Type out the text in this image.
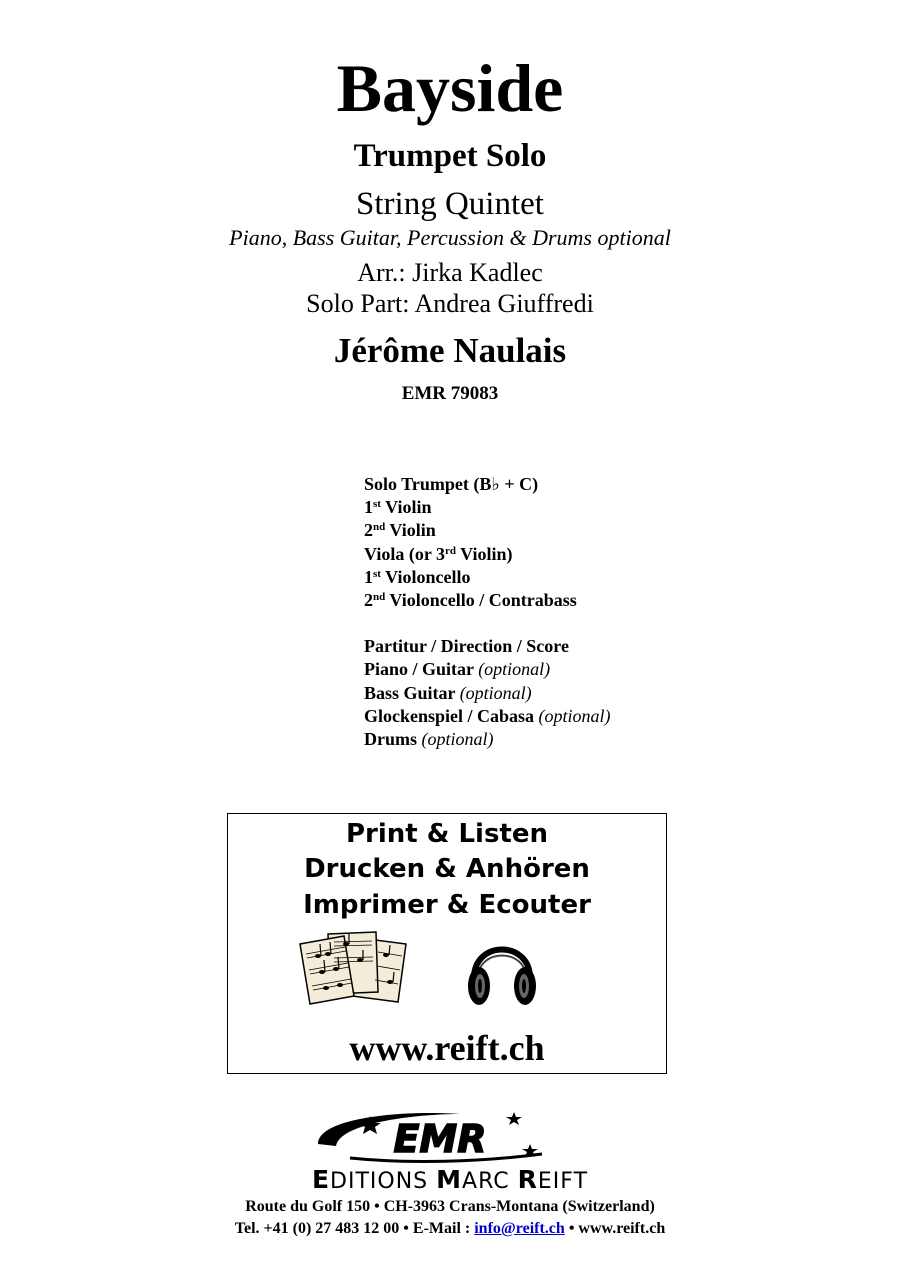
Bayside
Trumpet Solo
String Quintet
Piano, Bass Guitar, Percussion & Drums optional
Arr.: Jirka Kadlec
Solo Part: Andrea Giuffredi
Jérôme Naulais
EMR 79083
Solo Trumpet (B♭ + C)
1st Violin
2nd Violin
Viola (or 3rd Violin)
1st Violoncello
2nd Violoncello / Contrabass
Partitur / Direction / Score
Piano / Guitar (optional)
Bass Guitar (optional)
Glockenspiel / Cabasa (optional)
Drums (optional)
Print & Listen
Drucken & Anhören
Imprimer & Ecouter
www.reift.ch
EMR
EDITIONS MARC REIFT
Route du Golf 150 • CH-3963 Crans-Montana (Switzerland)
Tel. +41 (0) 27 483 12 00 • E-Mail : info@reift.ch • www.reift.ch
